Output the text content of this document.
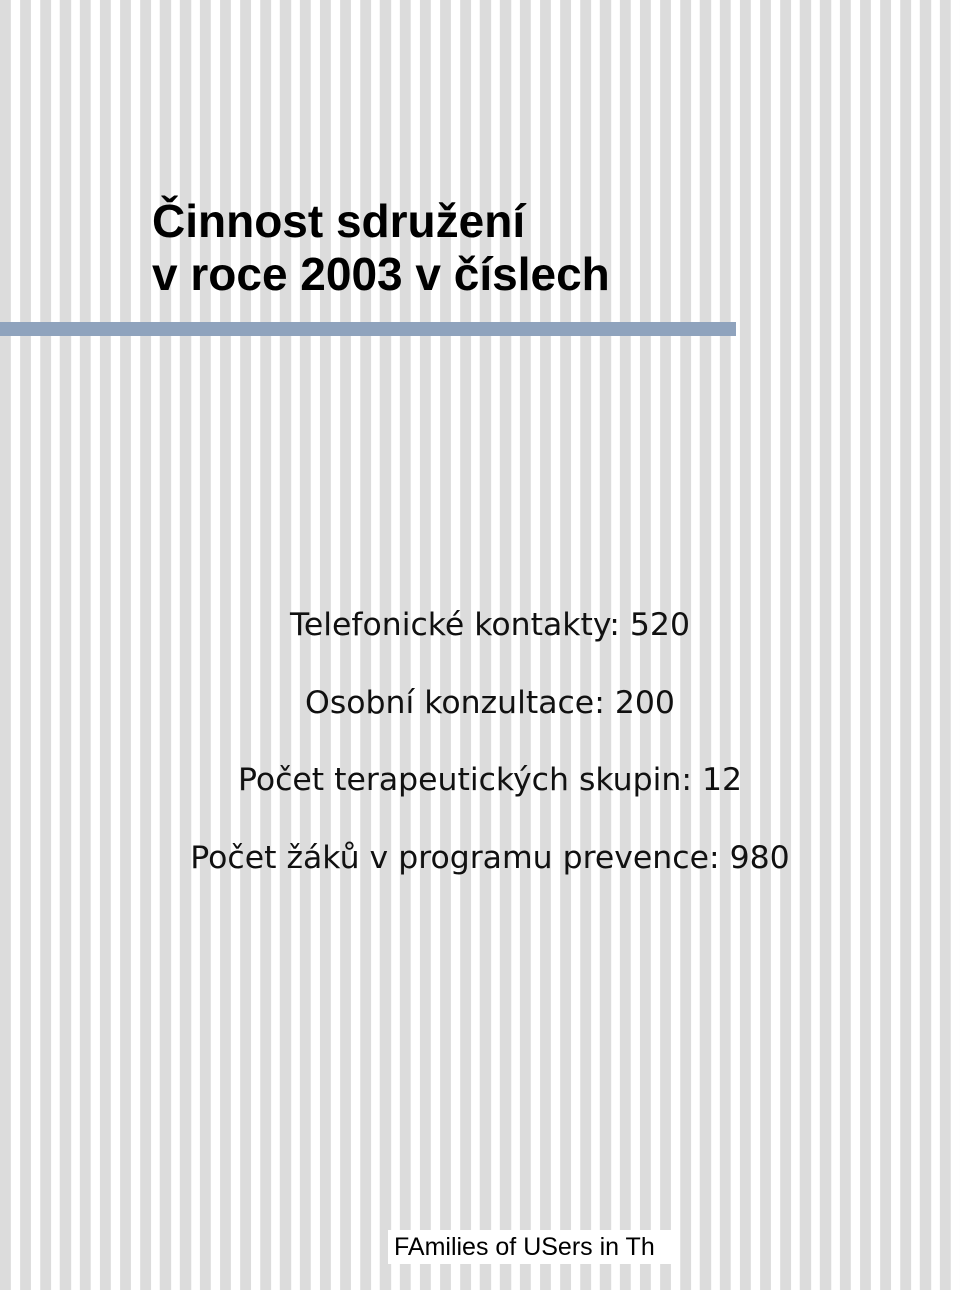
Činnost sdružení
v roce 2003 v číslech
Telefonické kontakty: 520
Osobní konzultace: 200
Počet terapeutických skupin: 12
Počet žáků v programu prevence: 980
FAmilies of USers in Th
